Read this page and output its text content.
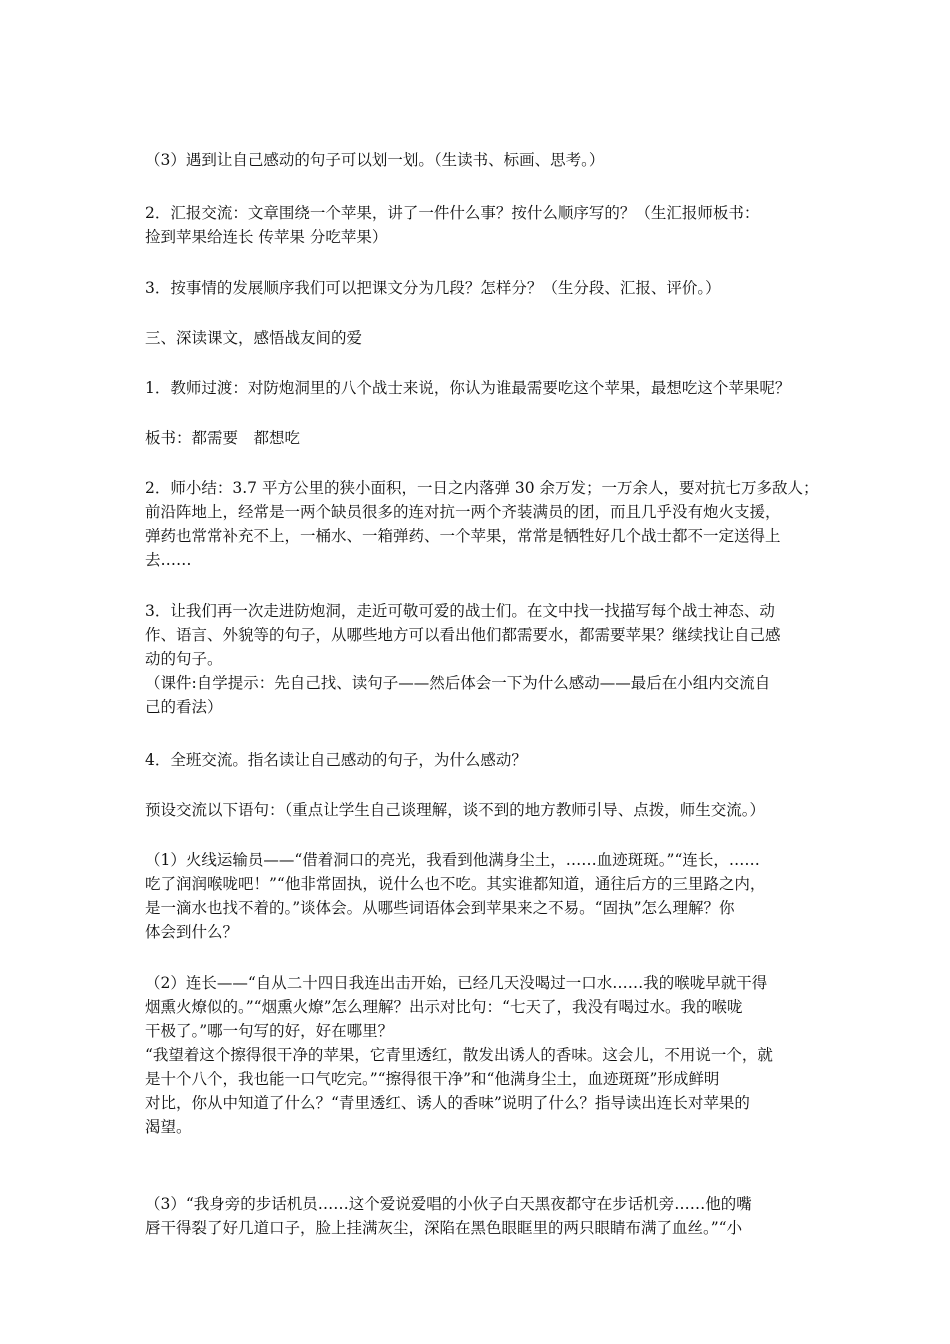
（3）遇到让自己感动的句子可以划一划。（生读书、标画、思考。）

2．汇报交流：文章围绕一个苹果，讲了一件什么事？按什么顺序写的？（生汇报师板书：
捡到苹果给连长 传苹果 分吃苹果）

3．按事情的发展顺序我们可以把课文分为几段？怎样分？（生分段、汇报、评价。）

三、深读课文，感悟战友间的爱

1．教师过渡：对防炮洞里的八个战士来说，你认为谁最需要吃这个苹果，最想吃这个苹果呢？

板书：都需要　都想吃

2．师小结：3.7 平方公里的狭小面积，一日之内落弹 30 余万发；一万余人，要对抗七万多敌人；
前沿阵地上，经常是一两个缺员很多的连对抗一两个齐装满员的团，而且几乎没有炮火支援，
弹药也常常补充不上，一桶水、一箱弹药、一个苹果，常常是牺牲好几个战士都不一定送得上
去……

3．让我们再一次走进防炮洞，走近可敬可爱的战士们。在文中找一找描写每个战士神态、动
作、语言、外貌等的句子，从哪些地方可以看出他们都需要水，都需要苹果？继续找让自己感
动的句子。
（课件:自学提示：先自己找、读句子——然后体会一下为什么感动——最后在小组内交流自
己的看法）

4．全班交流。指名读让自己感动的句子，为什么感动？

预设交流以下语句：（重点让学生自己谈理解，谈不到的地方教师引导、点拨，师生交流。）

（1）火线运输员——“借着洞口的亮光，我看到他满身尘土，……血迹斑斑。”“连长，……
吃了润润喉咙吧！”“他非常固执，说什么也不吃。其实谁都知道，通往后方的三里路之内，
是一滴水也找不着的。”谈体会。从哪些词语体会到苹果来之不易。“固执”怎么理解？你
体会到什么？

（2）连长——“自从二十四日我连出击开始，已经几天没喝过一口水……我的喉咙早就干得
烟熏火燎似的。”“烟熏火燎”怎么理解？出示对比句：“七天了，我没有喝过水。我的喉咙
干极了。”哪一句写的好，好在哪里？
“我望着这个擦得很干净的苹果，它青里透红，散发出诱人的香味。这会儿，不用说一个，就
是十个八个，我也能一口气吃完。”“擦得很干净”和“他满身尘土，血迹斑斑”形成鲜明
对比，你从中知道了什么？“青里透红、诱人的香味”说明了什么？指导读出连长对苹果的
渴望。

（3）“我身旁的步话机员……这个爱说爱唱的小伙子白天黑夜都守在步话机旁……他的嘴
唇干得裂了好几道口子，脸上挂满灰尘，深陷在黑色眼眶里的两只眼睛布满了血丝。”“小
